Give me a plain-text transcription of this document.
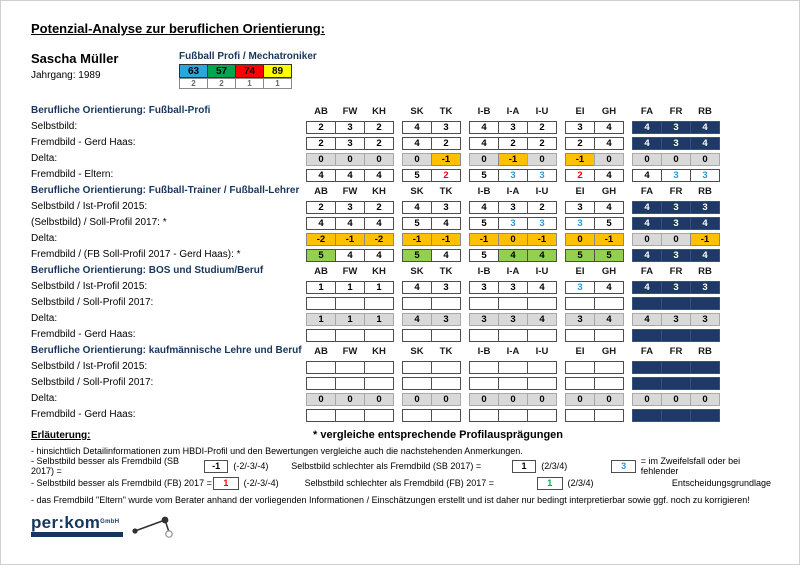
Potenzial-Analyse zur beruflichen Orientierung:
Sascha Müller
Jahrgang: 1989
Fußball Profi / Mechatroniker
63	57	74	89
2	2	1	1
Berufliche Orientierung: Fußball-Profi	AB	FW	KH	SK	TK	I-B	I-A	I-U	EI	GH	FA	FR	RB
Selbstbild:	2	3	2	4	3	4	3	2	3	4	4	3	4
Fremdbild - Gerd Haas:	2	3	2	4	2	4	2	2	2	4	4	3	4
Delta:	0	0	0	0	-1	0	-1	0	-1	0	0	0	0
Fremdbild - Eltern:	4	4	4	5	2	5	3	3	2	4	4	3	3
Berufliche Orientierung: Fußball-Trainer / Fußball-Lehrer	AB	FW	KH	SK	TK	I-B	I-A	I-U	EI	GH	FA	FR	RB
Selbstbild / Ist-Profil 2015:	2	3	2	4	3	4	3	2	3	4	4	3	3
(Selbstbild) / Soll-Profil 2017: *	4	4	4	5	4	5	3	3	3	5	4	3	4
Delta:	-2	-1	-2	-1	-1	-1	0	-1	0	-1	0	0	-1
Fremdbild / (FB Soll-Profil 2017 - Gerd Haas): *	5	4	4	5	4	5	4	4	5	5	4	3	4
Berufliche Orientierung: BOS und Studium/Beruf	AB	FW	KH	SK	TK	I-B	I-A	I-U	EI	GH	FA	FR	RB
Selbstbild / Ist-Profil 2015:	1	1	1	4	3	3	3	4	3	4	4	3	3
Selbstbild / Soll-Profil 2017:
Delta:	1	1	1	4	3	3	3	4	3	4	4	3	3
Fremdbild - Gerd Haas:
Berufliche Orientierung: kaufmännische Lehre und Beruf	AB	FW	KH	SK	TK	I-B	I-A	I-U	EI	GH	FA	FR	RB
Selbstbild / Ist-Profil 2015:
Selbstbild / Soll-Profil 2017:
Delta:	0	0	0	0	0	0	0	0	0	0	0	0	0
Fremdbild - Gerd Haas:
Erläuterung:	* vergleiche entsprechende Profilausprägungen
- hinsichtlich Detailinformationen zum HBDI-Profil und den Bewertungen vergleiche auch die nachstehenden Anmerkungen.
- Selbstbild besser als Fremdbild (SB 2017) =	-1	(-2/-3/-4)	Selbstbild schlechter als Fremdbild (SB 2017) =	1	(2/3/4)	3	= im Zweifelsfall oder bei fehlender
- Selbstbild besser als Fremdbild (FB) 2017 =	1	(-2/-3/-4)	Selbstbild schlechter als Fremdbild (FB) 2017 =	1	(2/3/4)	Entscheidungsgrundlage
- das Fremdbild "Eltern" wurde vom Berater anhand der vorliegenden Informationen / Einschätzungen erstellt und ist daher nur bedingt interpretierbar sowie ggf. noch zu korrigieren!
per:kom$^{GmbH}$
